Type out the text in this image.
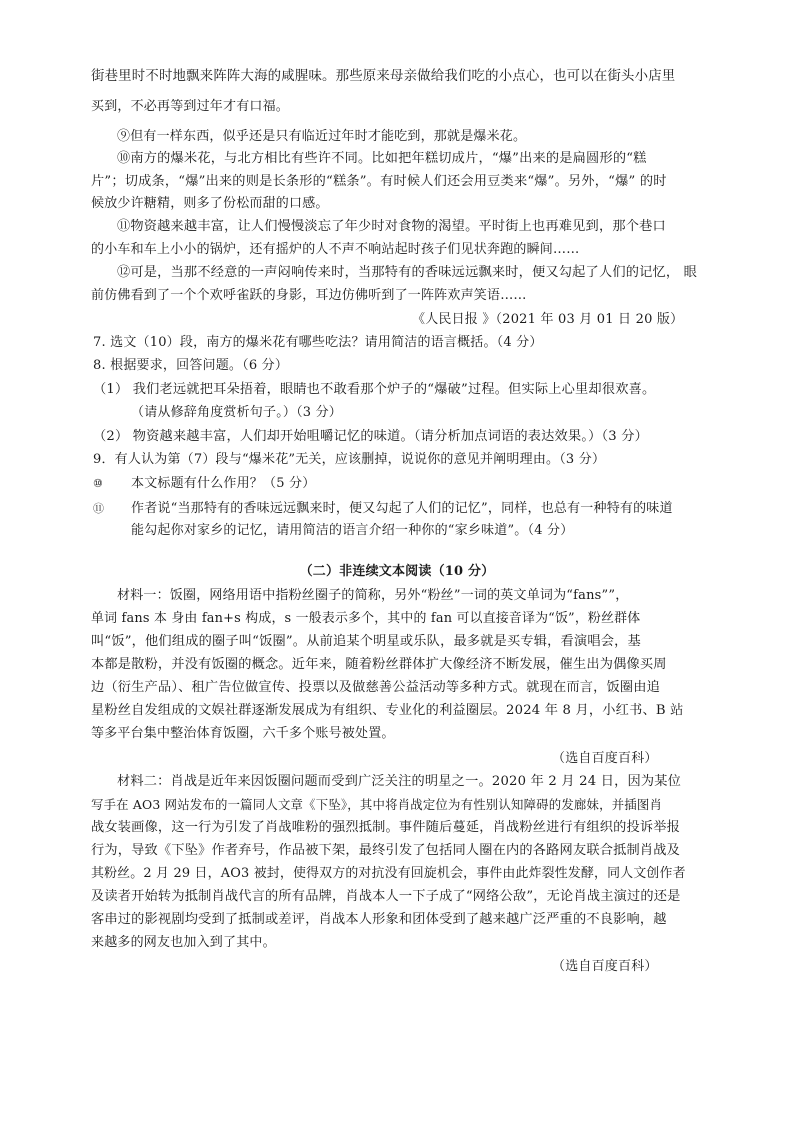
街巷里时不时地飘来阵阵大海的咸腥味。那些原来母亲做给我们吃的小点心，也可以在街头小店里
买到，不必再等到过年才有口福。
⑨但有一样东西，似乎还是只有临近过年时才能吃到，那就是爆米花。
⑩南方的爆米花，与北方相比有些许不同。比如把年糕切成片，“爆”出来的是扁圆形的“糕
片”；切成条，“爆”出来的则是长条形的“糕条”。有时候人们还会用豆类来“爆”。另外，“爆” 的时
候放少许糖精，则多了份松而甜的口感。
⑪物资越来越丰富，让人们慢慢淡忘了年少时对食物的渴望。平时街上也再难见到，那个巷口
的小车和车上小小的锅炉，还有摇炉的人不声不响站起时孩子们见状奔跑的瞬间……
⑫可是，当那不经意的一声闷响传来时，当那特有的香味远远飘来时，便又勾起了人们的记忆， 眼
前仿佛看到了一个个欢呼雀跃的身影，耳边仿佛听到了一阵阵欢声笑语……
《人民日报 》（2021 年 03 月 01 日 20 版）
7. 选文（10）段，南方的爆米花有哪些吃法？请用简洁的语言概括。（4 分）
8. 根据要求，回答问题。（6 分）
（1） 我们老远就把耳朵捂着，眼睛也不敢看那个炉子的“爆破”过程。但实际上心里却很欢喜。
（请从修辞角度赏析句子。）（3 分）
（2） 物资越来越丰富，人们却开始咀嚼记忆的味道。（请分析加点词语的表达效果。）（3 分）
9．有人认为第（7）段与“爆米花”无关，应该删掉，说说你的意见并阐明理由。（3 分）
⑩ 本文标题有什么作用？（5 分）
⑪ 作者说“当那特有的香味远远飘来时，便又勾起了人们的记忆”，同样，也总有一种特有的味道
能勾起你对家乡的记忆，请用简洁的语言介绍一种你的“家乡味道”。（4 分）
（二）非连续文本阅读（10 分）
材料一：饭圈，网络用语中指粉丝圈子的简称，另外“粉丝”一词的英文单词为“fans””，
单词 fans 本 身由 fan+s 构成，s 一般表示多个，其中的 fan 可以直接音译为“饭”，粉丝群体
叫“饭”，他们组成的圈子叫“饭圈”。从前追某个明星或乐队，最多就是买专辑，看演唱会，基
本都是散粉，并没有饭圈的概念。近年来，随着粉丝群体扩大像经济不断发展，催生出为偶像买周
边（衍生产品）、租广告位做宣传、投票以及做慈善公益活动等多种方式。就现在而言，饭圈由追
星粉丝自发组成的文娱社群逐渐发展成为有组织、专业化的利益圈层。2024 年 8 月，小红书、B 站
等多平台集中整治体育饭圈，六千多个账号被处置。
（选自百度百科）
材料二：肖战是近年来因饭圈问题而受到广泛关注的明星之一。2020 年 2 月 24 日，因为某位
写手在 AO3 网站发布的一篇同人文章《下坠》，其中将肖战定位为有性别认知障碍的发廊妹，并插图肖
战女装画像，这一行为引发了肖战唯粉的强烈抵制。事件随后蔓延，肖战粉丝进行有组织的投诉举报
行为，导致《下坠》作者弃号，作品被下架，最终引发了包括同人圈在内的各路网友联合抵制肖战及
其粉丝。2 月 29 日，AO3 被封，使得双方的对抗没有回旋机会，事件由此炸裂性发酵，同人文创作者
及读者开始转为抵制肖战代言的所有品牌，肖战本人一下子成了“网络公敌”，无论肖战主演过的还是
客串过的影视剧均受到了抵制或差评，肖战本人形象和团体受到了越来越广泛严重的不良影响，越
来越多的网友也加入到了其中。
（选自百度百科）
